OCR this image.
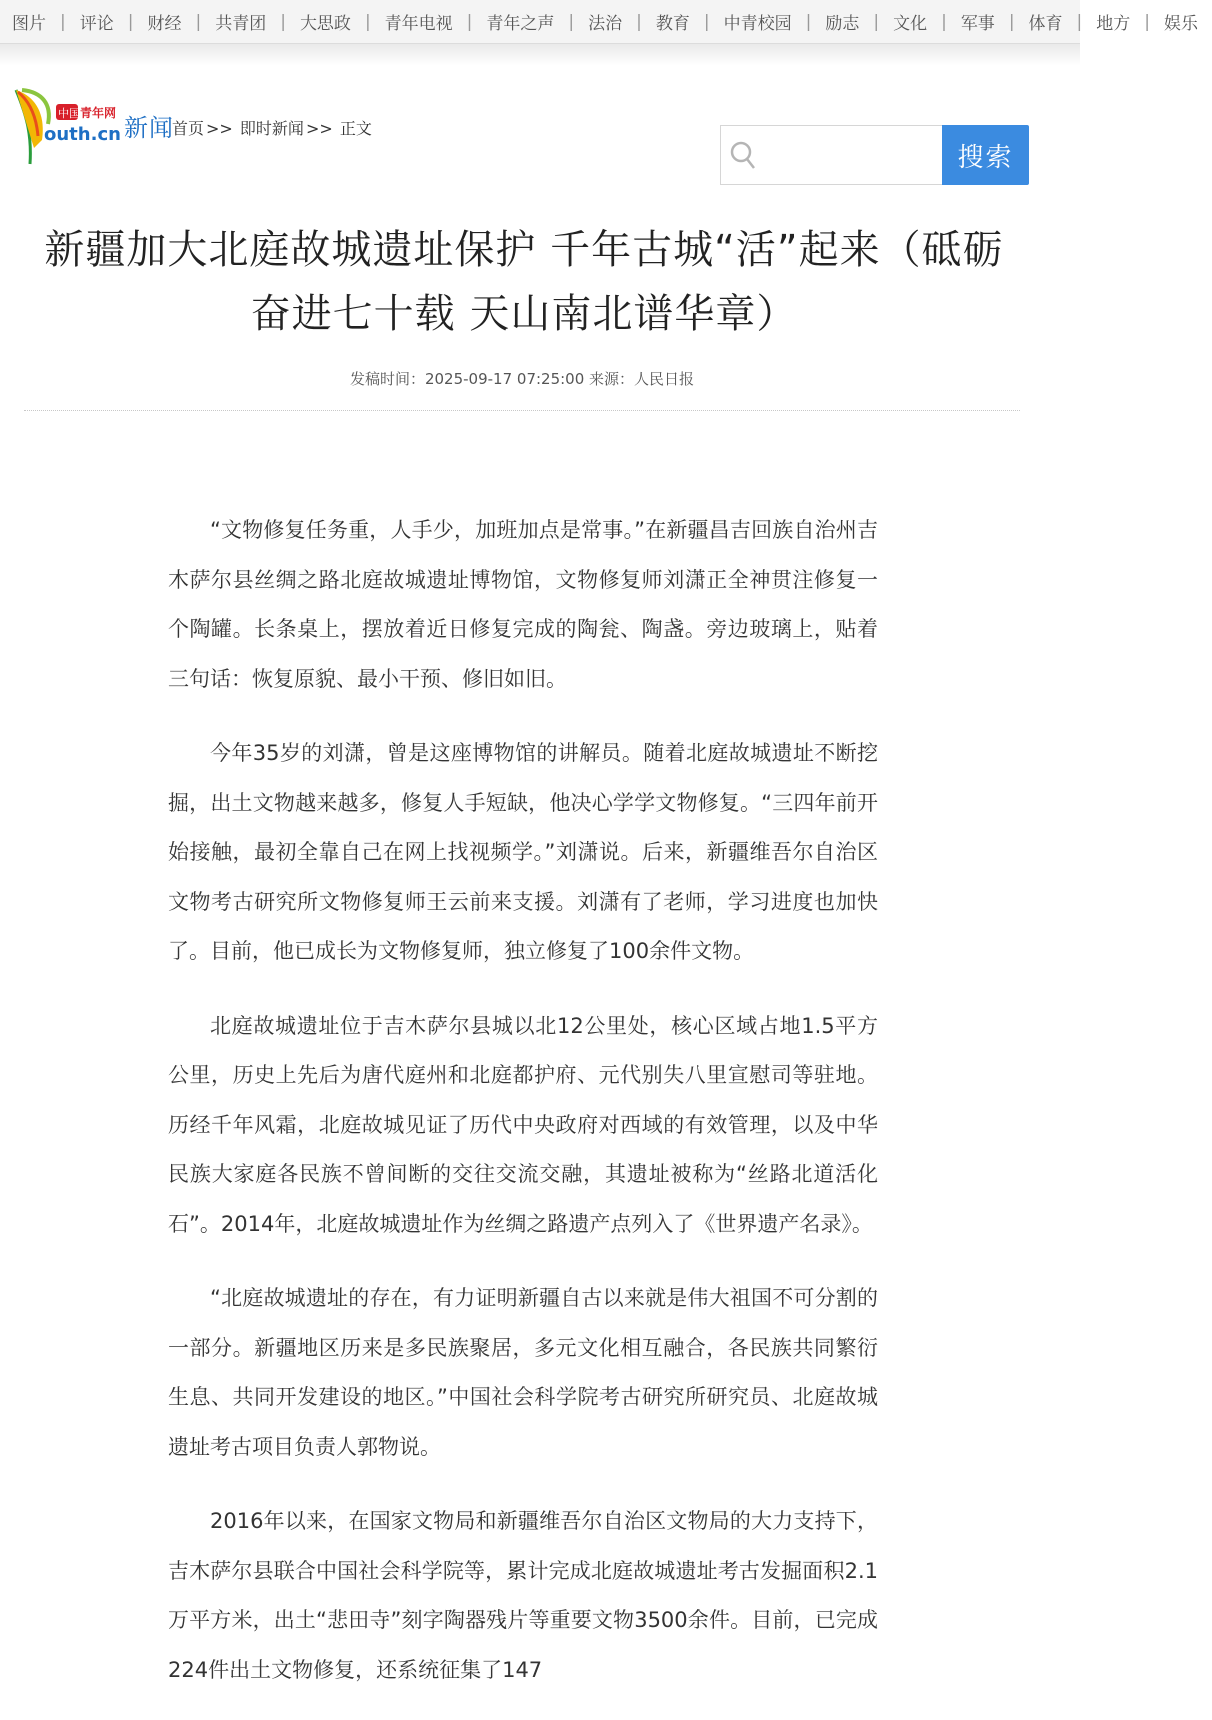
图片 | 评论 | 财经 | 共青团 | 大思政 | 青年电视 | 青年之声 | 法治 | 教育 | 中青校园 | 励志 | 文化 | 军事 | 体育 | 地方 | 娱乐
中国 青年网
outh.cn 新闻
首页 >> 即时新闻 >> 正文
搜索
新疆加大北庭故城遗址保护 千年古城“活”起来（砥砺奋进七十载 天山南北谱华章）
发稿时间：2025-09-17 07:25:00 来源：人民日报

“文物修复任务重，人手少，加班加点是常事。”在新疆昌吉回族自治州吉木萨尔县丝绸之路北庭故城遗址博物馆，文物修复师刘潇正全神贯注修复一个陶罐。长条桌上，摆放着近日修复完成的陶瓮、陶盏。旁边玻璃上，贴着三句话：恢复原貌、最小干预、修旧如旧。

今年35岁的刘潇，曾是这座博物馆的讲解员。随着北庭故城遗址不断挖掘，出土文物越来越多，修复人手短缺，他决心学学文物修复。“三四年前开始接触，最初全靠自己在网上找视频学。”刘潇说。后来，新疆维吾尔自治区文物考古研究所文物修复师王云前来支援。刘潇有了老师，学习进度也加快了。目前，他已成长为文物修复师，独立修复了100余件文物。

北庭故城遗址位于吉木萨尔县城以北12公里处，核心区域占地1.5平方公里，历史上先后为唐代庭州和北庭都护府、元代别失八里宣慰司等驻地。历经千年风霜，北庭故城见证了历代中央政府对西域的有效管理，以及中华民族大家庭各民族不曾间断的交往交流交融，其遗址被称为“丝路北道活化石”。2014年，北庭故城遗址作为丝绸之路遗产点列入了《世界遗产名录》。

“北庭故城遗址的存在，有力证明新疆自古以来就是伟大祖国不可分割的一部分。新疆地区历来是多民族聚居，多元文化相互融合，各民族共同繁衍生息、共同开发建设的地区。”中国社会科学院考古研究所研究员、北庭故城遗址考古项目负责人郭物说。

2016年以来，在国家文物局和新疆维吾尔自治区文物局的大力支持下，吉木萨尔县联合中国社会科学院等，累计完成北庭故城遗址考古发掘面积2.1万平方米，出土“悲田寺”刻字陶器残片等重要文物3500余件。目前，已完成224件出土文物修复，还系统征集了147
